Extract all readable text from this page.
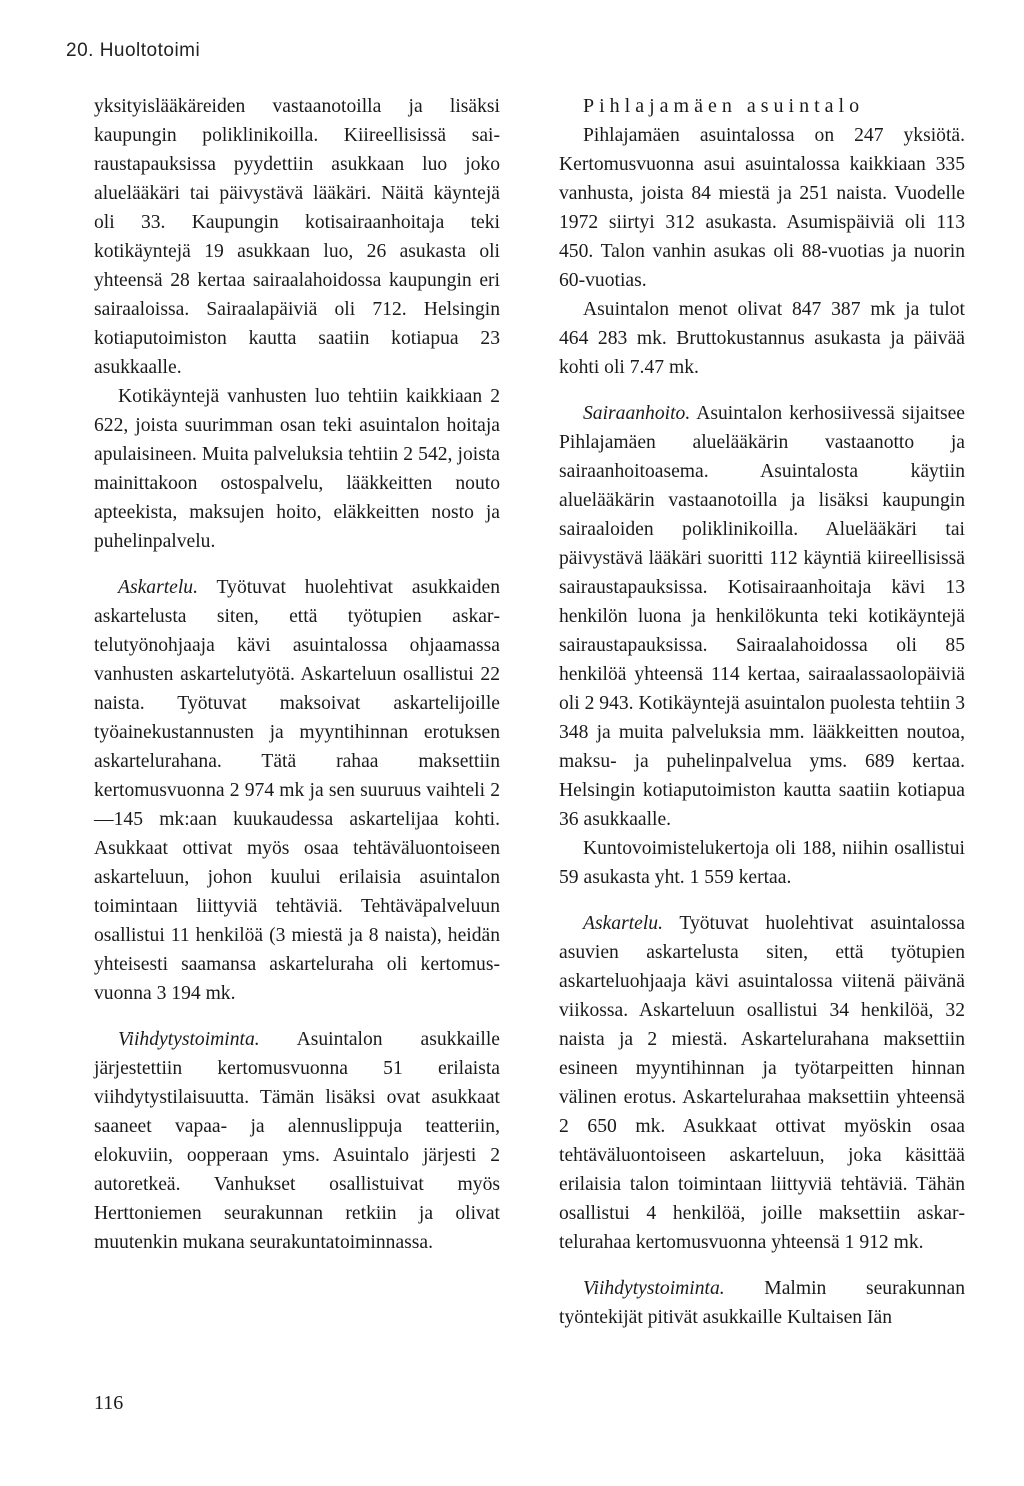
20. Huoltotoimi

yksityislääkäreiden vastaanotoilla ja lisäksi kaupungin poliklinikoilla. Kiireellisissä sairaustapauksissa pyydettiin asukkaan luo joko aluelääkäri tai päivystävä lääkäri. Näitä käyntejä oli 33. Kaupungin kotisairaanhoitaja teki kotikäyntejä 19 asukkaan luo, 26 asukasta oli yhteensä 28 kertaa sairaalahoidossa kaupungin eri sairaaloissa. Sairaalapäiviä oli 712. Helsingin kotiaputoimiston kautta saatiin kotiapua 23 asukkaalle.

Kotikäyntejä vanhusten luo tehtiin kaikkiaan 2 622, joista suurimman osan teki asuintalon hoitaja apulaisineen. Muita palveluksia tehtiin 2 542, joista mainittakoon ostospalvelu, lääkkeitten nouto apteekista, maksujen hoito, eläkkeitten nosto ja puhelinpalvelu.

Askartelu. Työtuvat huolehtivat asukkaiden askartelusta siten, että työtupien askartelutyönohjaaja kävi asuintalossa ohjaamassa vanhusten askartelutyötä. Askarteluun osallistui 22 naista. Työtuvat maksoivat askartelijoille työainekustannusten ja myyntihinnan erotuksen askartelurahana. Tätä rahaa maksettiin kertomusvuonna 2 974 mk ja sen suuruus vaihteli 2—145 mk:aan kuukaudessa askartelijaa kohti. Asukkaat ottivat myös osaa tehtäväluontoiseen askarteluun, johon kuului erilaisia asuintalon toimintaan liittyviä tehtäviä. Tehtäväpalveluun osallistui 11 henkilöä (3 miestä ja 8 naista), heidän yhteisesti saamansa askarteluraha oli kertomusvuonna 3 194 mk.

Viihdytystoiminta. Asuintalon asukkaille järjestettiin kertomusvuonna 51 erilaista viihdytystilaisuutta. Tämän lisäksi ovat asukkaat saaneet vapaa- ja alennuslippuja teatteriin, elokuviin, oopperaan yms. Asuintalo järjesti 2 autoretkeä. Vanhukset osallistuivat myös Herttoniemen seurakunnan retkiin ja olivat muutenkin mukana seurakuntatoiminnassa.

Pihlajamäen asuintalo

Pihlajamäen asuintalossa on 247 yksiötä. Kertomusvuonna asui asuintalossa kaikkiaan 335 vanhusta, joista 84 miestä ja 251 naista. Vuodelle 1972 siirtyi 312 asukasta. Asumispäiviä oli 113 450. Talon vanhin asukas oli 88-vuotias ja nuorin 60-vuotias.

Asuintalon menot olivat 847 387 mk ja tulot 464 283 mk. Bruttokustannus asukasta ja päivää kohti oli 7.47 mk.

Sairaanhoito. Asuintalon kerhosiivessä sijaitsee Pihlajamäen aluelääkärin vastaanotto ja sairaanhoitoasema. Asuintalosta käytiin aluelääkärin vastaanotoilla ja lisäksi kaupungin sairaaloiden poliklinikoilla. Aluelääkäri tai päivystävä lääkäri suoritti 112 käyntiä kiireellisissä sairaustapauksissa. Kotisairaanhoitaja kävi 13 henkilön luona ja henkilökunta teki kotikäyntejä sairaustapauksissa. Sairaalahoidossa oli 85 henkilöä yhteensä 114 kertaa, sairaalassaolopäiviä oli 2 943. Kotikäyntejä asuintalon puolesta tehtiin 3 348 ja muita palveluksia mm. lääkkeitten noutoa, maksu- ja puhelinpalvelua yms. 689 kertaa. Helsingin kotiaputoimiston kautta saatiin kotiapua 36 asukkaalle.

Kuntovoimistelukertoja oli 188, niihin osallistui 59 asukasta yht. 1 559 kertaa.

Askartelu. Työtuvat huolehtivat asuintalossa asuvien askartelusta siten, että työtupien askarteluohjaaja kävi asuintalossa viitenä päivänä viikossa. Askarteluun osallistui 34 henkilöä, 32 naista ja 2 miestä. Askartelurahana maksettiin esineen myyntihinnan ja työtarpeitten hinnan välinen erotus. Askartelurahaa maksettiin yhteensä 2 650 mk. Asukkaat ottivat myöskin osaa tehtäväluontoiseen askarteluun, joka käsittää erilaisia talon toimintaan liittyviä tehtäviä. Tähän osallistui 4 henkilöä, joille maksettiin askartelurahaa kertomusvuonna yhteensä 1 912 mk.

Viihdytystoiminta. Malmin seurakunnan työntekijät pitivät asukkaille Kultaisen Iän

116
